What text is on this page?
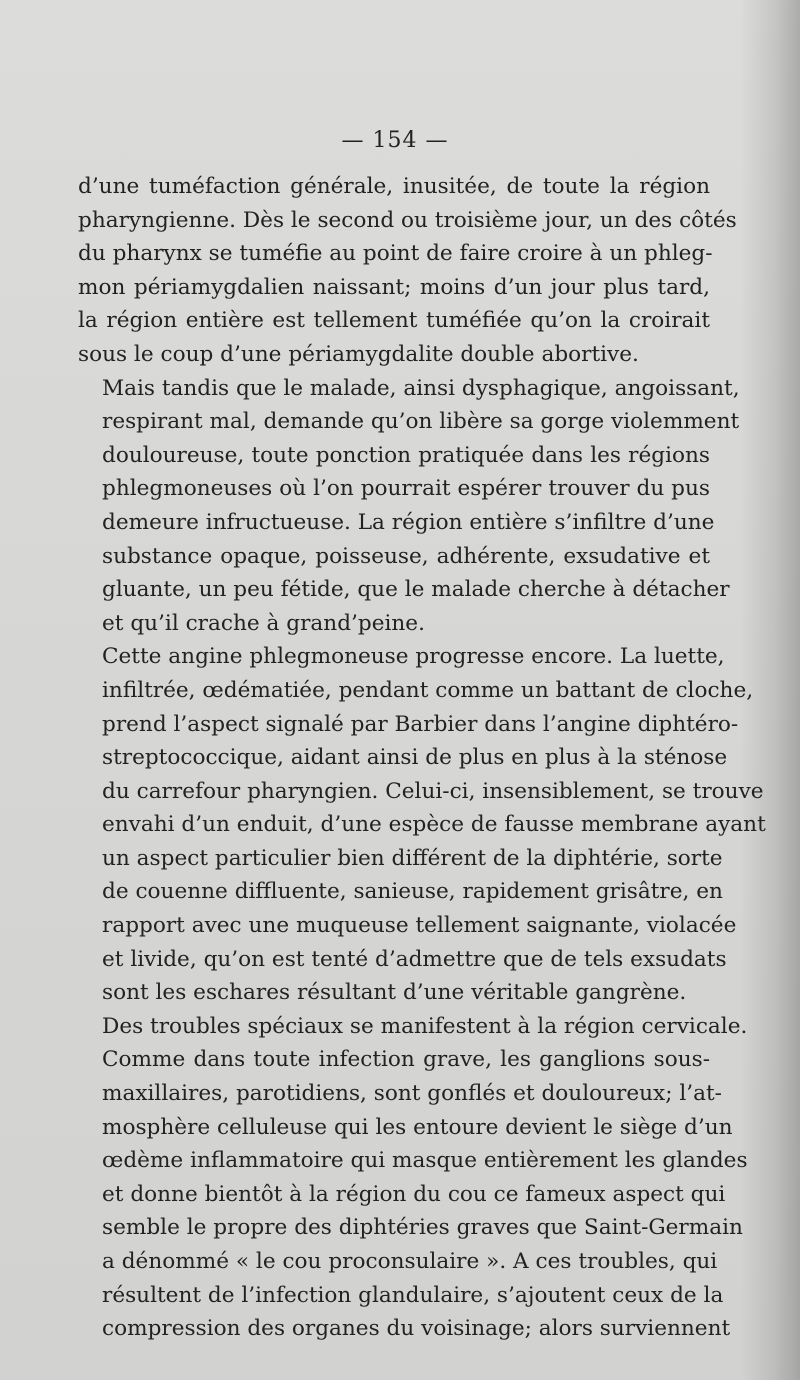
— 154 —

d’une tuméfaction générale, inusitée, de toute la région
pharyngienne. Dès le second ou troisième jour, un des côtés
du pharynx se tuméfie au point de faire croire à un phleg-
mon périamygdalien naissant; moins d’un jour plus tard,
la région entière est tellement tuméfiée qu’on la croirait
sous le coup d’une périamygdalite double abortive.

Mais tandis que le malade, ainsi dysphagique, angoissant,
respirant mal, demande qu’on libère sa gorge violemment
douloureuse, toute ponction pratiquée dans les régions
phlegmoneuses où l’on pourrait espérer trouver du pus
demeure infructueuse. La région entière s’infiltre d’une
substance opaque, poisseuse, adhérente, exsudative et
gluante, un peu fétide, que le malade cherche à détacher
et qu’il crache à grand’peine.

Cette angine phlegmoneuse progresse encore. La luette,
infiltrée, œdématiée, pendant comme un battant de cloche,
prend l’aspect signalé par Barbier dans l’angine diphtéro-
streptococcique, aidant ainsi de plus en plus à la sténose
du carrefour pharyngien. Celui-ci, insensiblement, se trouve
envahi d’un enduit, d’une espèce de fausse membrane ayant
un aspect particulier bien différent de la diphtérie, sorte
de couenne diffluente, sanieuse, rapidement grisâtre, en
rapport avec une muqueuse tellement saignante, violacée
et livide, qu’on est tenté d’admettre que de tels exsudats
sont les eschares résultant d’une véritable gangrène.

Des troubles spéciaux se manifestent à la région cervicale.
Comme dans toute infection grave, les ganglions sous-
maxillaires, parotidiens, sont gonflés et douloureux; l’at-
mosphère celluleuse qui les entoure devient le siège d’un
œdème inflammatoire qui masque entièrement les glandes
et donne bientôt à la région du cou ce fameux aspect qui
semble le propre des diphtéries graves que Saint-Germain
a dénommé « le cou proconsulaire ». A ces troubles, qui
résultent de l’infection glandulaire, s’ajoutent ceux de la
compression des organes du voisinage; alors surviennent
